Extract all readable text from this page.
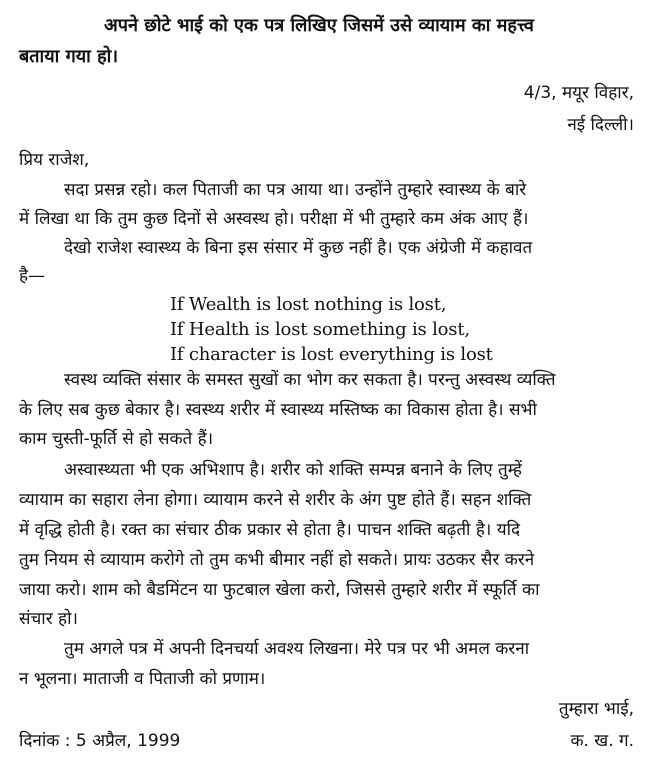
अपने छोटे भाई को एक पत्र लिखिए जिसमें उसे व्यायाम का महत्त्व
बताया गया हो।
4/3, मयूर विहार,
नई दिल्ली।
प्रिय राजेश,
सदा प्रसन्न रहो। कल पिताजी का पत्र आया था। उन्होंने तुम्हारे स्वास्थ्य के बारे
में लिखा था कि तुम कुछ दिनों से अस्वस्थ हो। परीक्षा में भी तुम्हारे कम अंक आए हैं।
देखो राजेश स्वास्थ्य के बिना इस संसार में कुछ नहीं है। एक अंग्रेजी में कहावत
है—
If Wealth is lost nothing is lost,
If Health is lost something is lost,
If character is lost everything is lost
स्वस्थ व्यक्ति संसार के समस्त सुखों का भोग कर सकता है। परन्तु अस्वस्थ व्यक्ति
के लिए सब कुछ बेकार है। स्वस्थ्य शरीर में स्वास्थ्य मस्तिष्क का विकास होता है। सभी
काम चुस्ती-फूर्ति से हो सकते हैं।
अस्वास्थ्यता भी एक अभिशाप है। शरीर को शक्ति सम्पन्न बनाने के लिए तुम्हें
व्यायाम का सहारा लेना होगा। व्यायाम करने से शरीर के अंग पुष्ट होते हैं। सहन शक्ति
में वृद्धि होती है। रक्त का संचार ठीक प्रकार से होता है। पाचन शक्ति बढ़ती है। यदि
तुम नियम से व्यायाम करोगे तो तुम कभी बीमार नहीं हो सकते। प्रायः उठकर सैर करने
जाया करो। शाम को बैडमिंटन या फुटबाल खेला करो, जिससे तुम्हारे शरीर में स्फूर्ति का
संचार हो।
तुम अगले पत्र में अपनी दिनचर्या अवश्य लिखना। मेरे पत्र पर भी अमल करना
न भूलना। माताजी व पिताजी को प्रणाम।
तुम्हारा भाई,
दिनांक : 5 अप्रैल, 1999	क. ख. ग.
